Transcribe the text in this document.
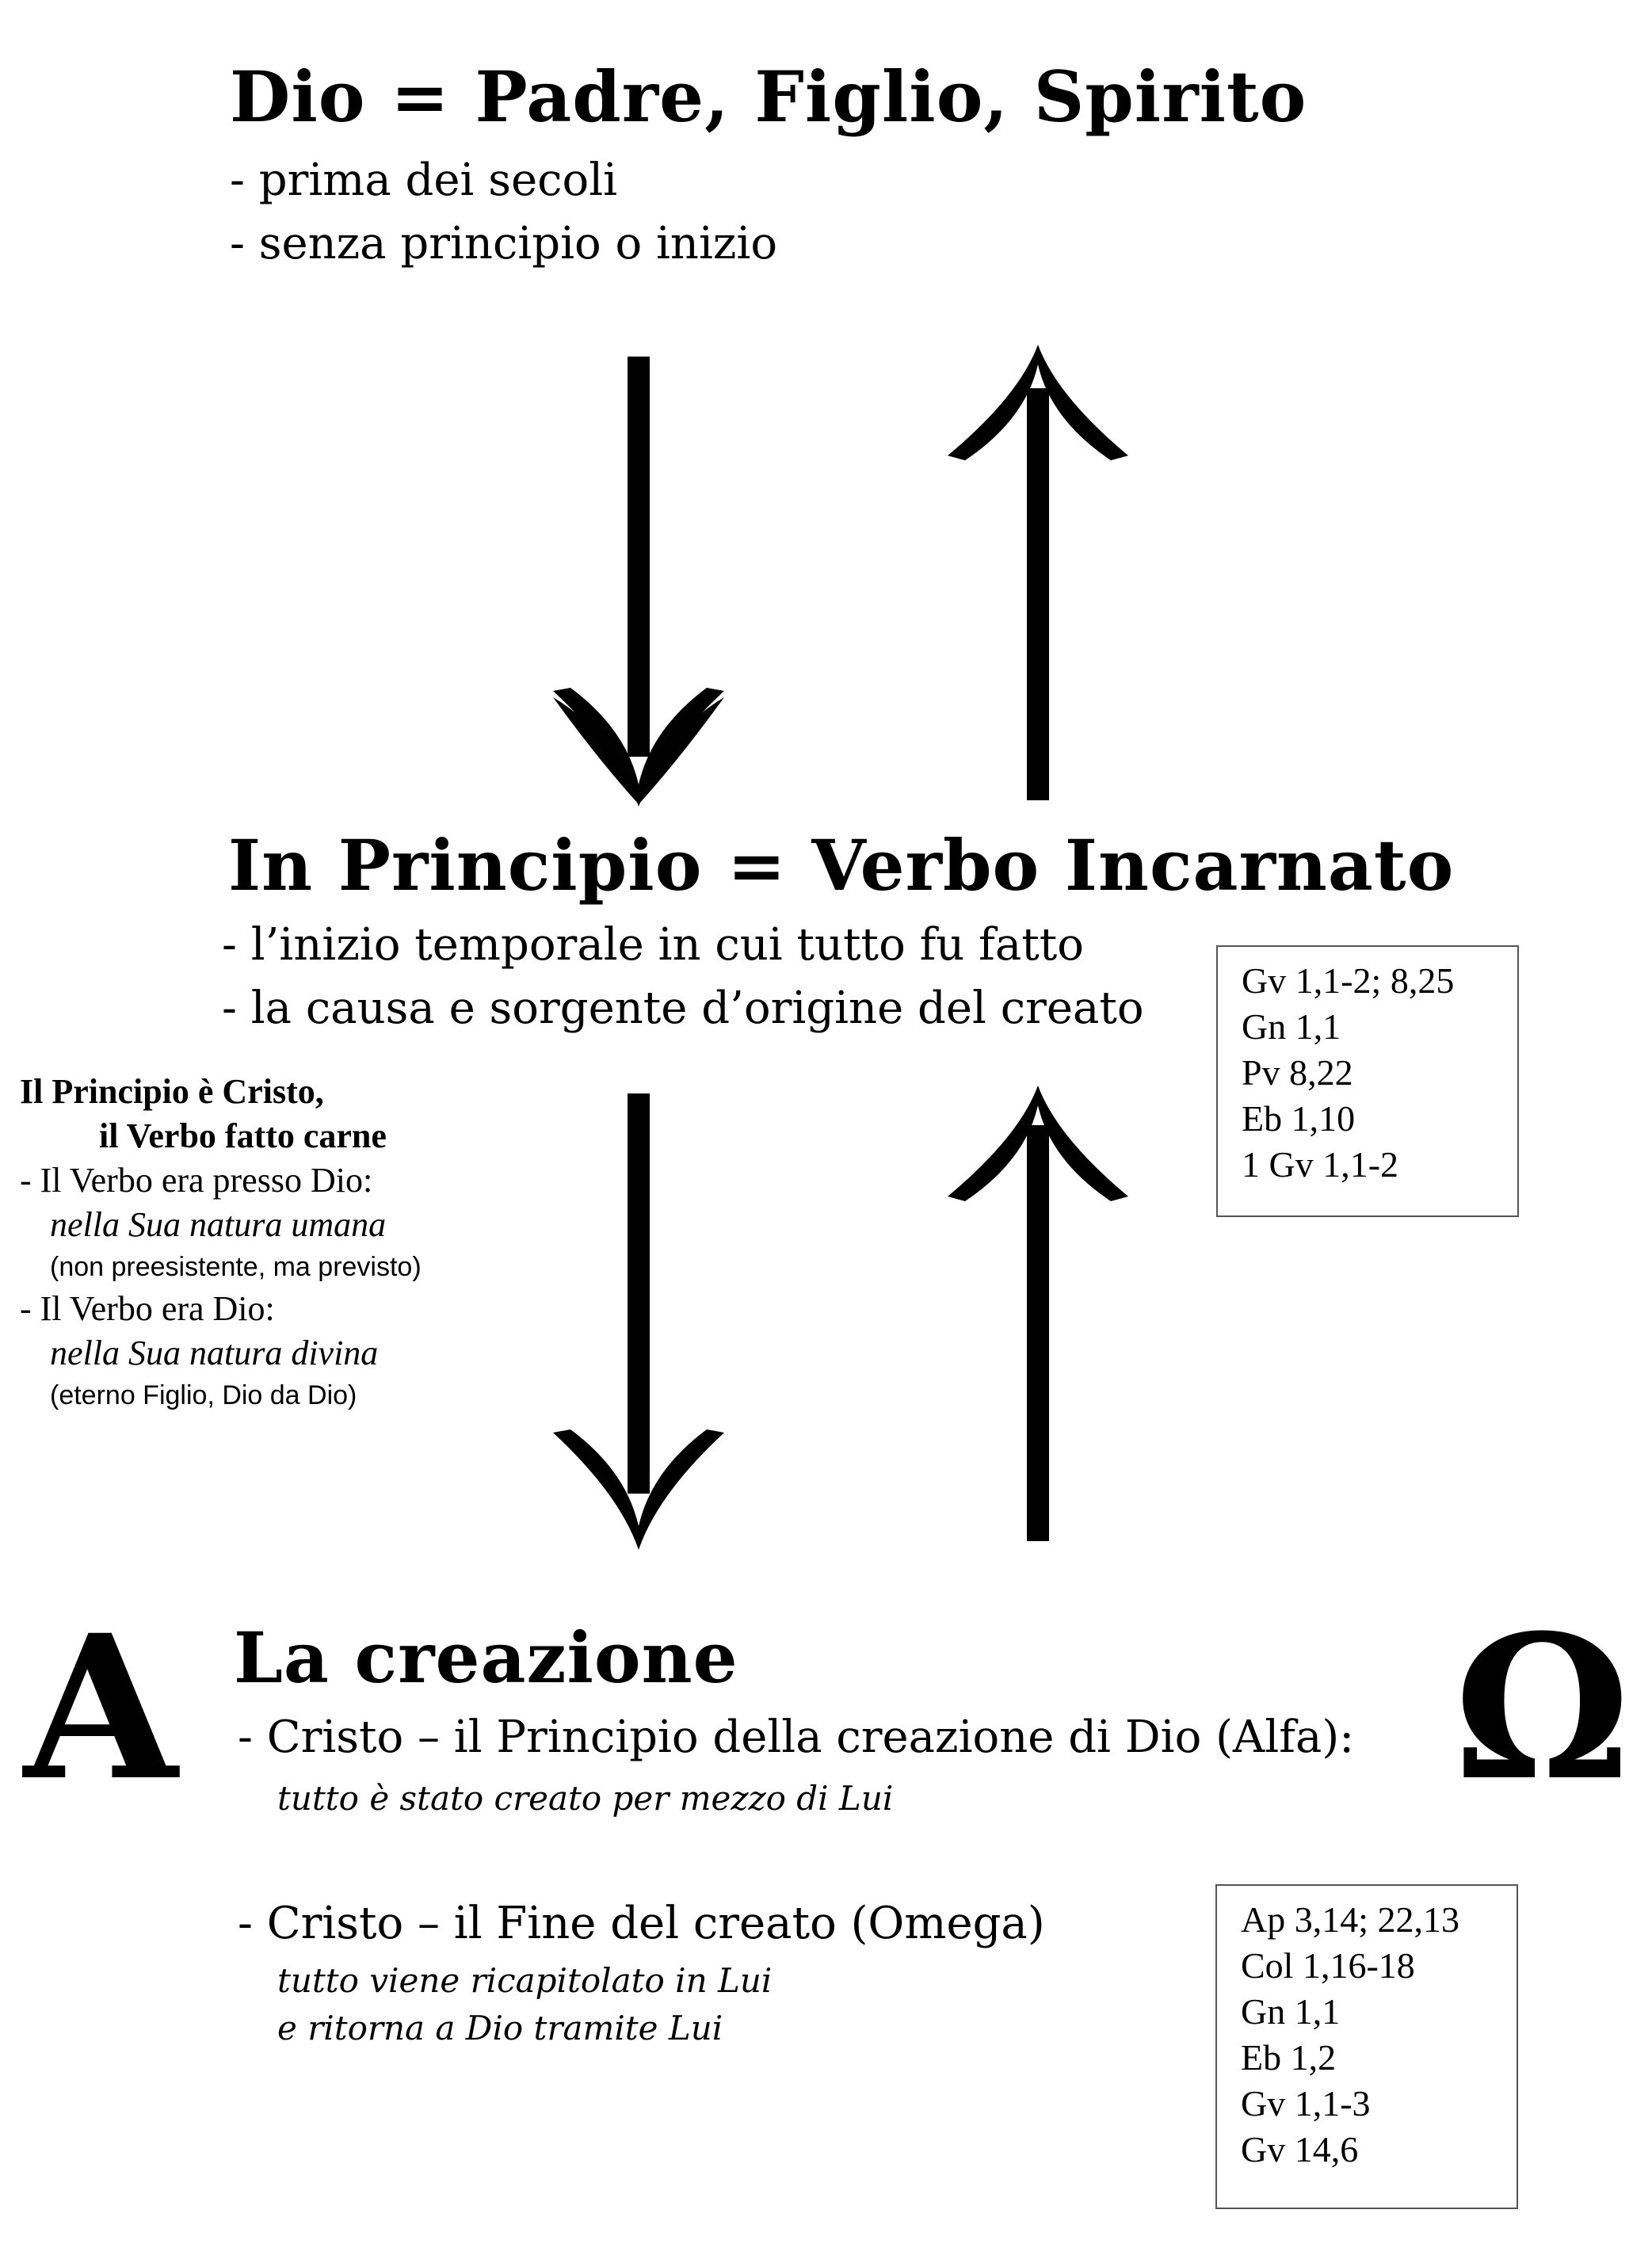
Dio = Padre, Figlio, Spirito
- prima dei secoli
- senza principio o inizio
In Principio = Verbo Incarnato
- l’inizio temporale in cui tutto fu fatto
- la causa e sorgente d’origine del creato
Gv 1,1-2; 8,25
Gn 1,1
Pv 8,22
Eb 1,10
1 Gv 1,1-2
Il Principio è Cristo,
il Verbo fatto carne
- Il Verbo era presso Dio:
nella Sua natura umana
(non preesistente, ma previsto)
- Il Verbo era Dio:
nella Sua natura divina
(eterno Figlio, Dio da Dio)
A	Ω
La creazione
- Cristo – il Principio della creazione di Dio (Alfa):
tutto è stato creato per mezzo di Lui
- Cristo – il Fine del creato (Omega)
tutto viene ricapitolato in Lui
e ritorna a Dio tramite Lui
Ap 3,14; 22,13
Col 1,16-18
Gn 1,1
Eb 1,2
Gv 1,1-3
Gv 14,6
